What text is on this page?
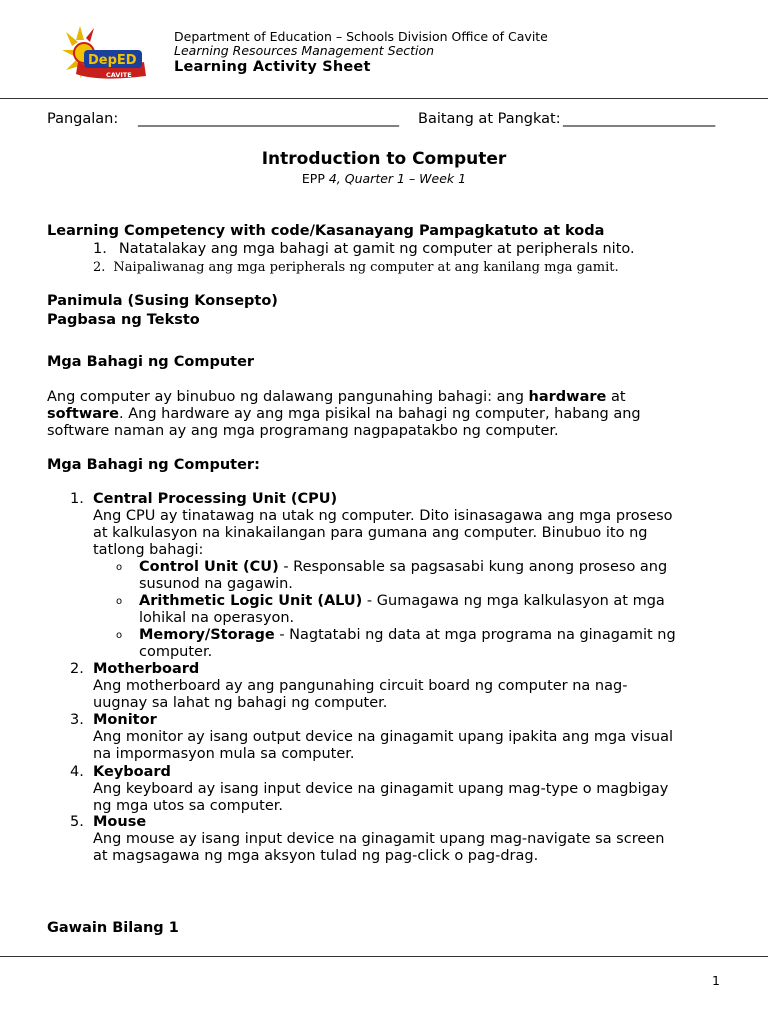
DepED
CAVITE
Department of Education – Schools Division Office of Cavite
Learning Resources Management Section
Learning Activity Sheet
Pangalan: ____________________________________ Baitang at Pangkat: _____________________
Introduction to Computer
EPP 4, Quarter 1 – Week 1
Learning Competency with code/Kasanayang Pampagkatuto at koda
1. Natatalakay ang mga bahagi at gamit ng computer at peripherals nito.
2. Naipaliwanag ang mga peripherals ng computer at ang kanilang mga gamit.
Panimula (Susing Konsepto)
Pagbasa ng Teksto
Mga Bahagi ng Computer
Ang computer ay binubuo ng dalawang pangunahing bahagi: ang hardware at
software. Ang hardware ay ang mga pisikal na bahagi ng computer, habang ang
software naman ay ang mga programang nagpapatakbo ng computer.
Mga Bahagi ng Computer:
1. Central Processing Unit (CPU)
Ang CPU ay tinatawag na utak ng computer. Dito isinasagawa ang mga proseso
at kalkulasyon na kinakailangan para gumana ang computer. Binubuo ito ng
tatlong bahagi:
o Control Unit (CU) - Responsable sa pagsasabi kung anong proseso ang
susunod na gagawin.
o Arithmetic Logic Unit (ALU) - Gumagawa ng mga kalkulasyon at mga
lohikal na operasyon.
o Memory/Storage - Nagtatabi ng data at mga programa na ginagamit ng
computer.
2. Motherboard
Ang motherboard ay ang pangunahing circuit board ng computer na nag-
uugnay sa lahat ng bahagi ng computer.
3. Monitor
Ang monitor ay isang output device na ginagamit upang ipakita ang mga visual
na impormasyon mula sa computer.
4. Keyboard
Ang keyboard ay isang input device na ginagamit upang mag-type o magbigay
ng mga utos sa computer.
5. Mouse
Ang mouse ay isang input device na ginagamit upang mag-navigate sa screen
at magsagawa ng mga aksyon tulad ng pag-click o pag-drag.
Gawain Bilang 1
1
